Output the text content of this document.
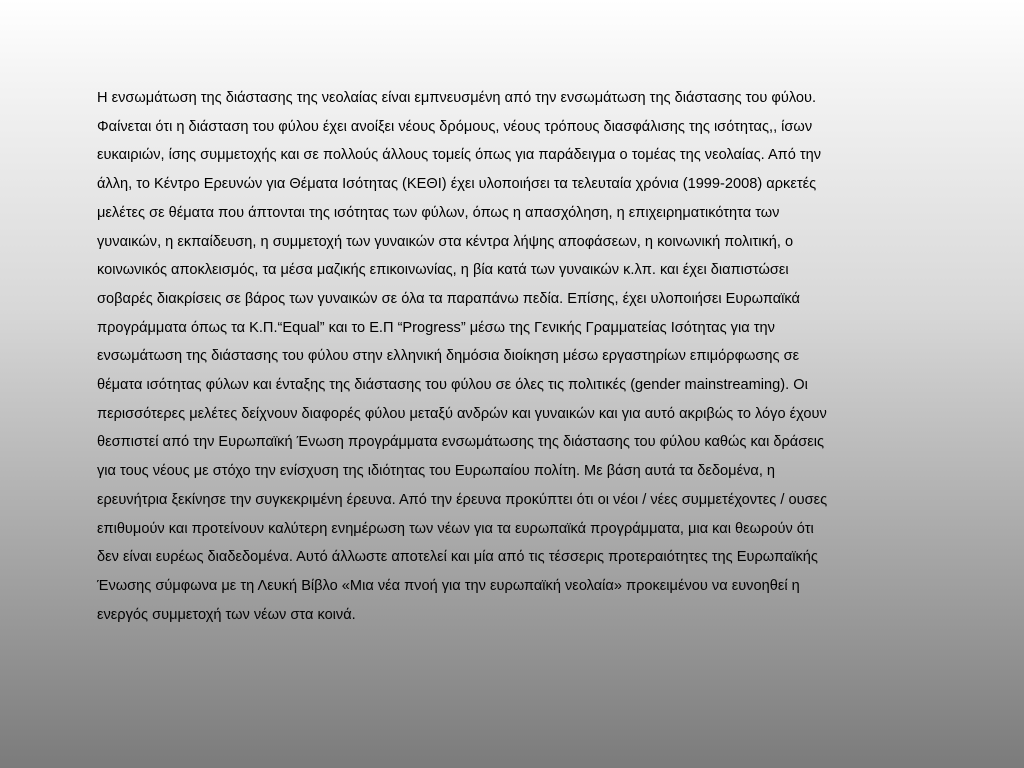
Η ενσωμάτωση της διάστασης της νεολαίας είναι εμπνευσμένη από την ενσωμάτωση της διάστασης του φύλου.
Φαίνεται ότι η διάσταση του φύλου έχει ανοίξει νέους δρόμους, νέους τρόπους διασφάλισης της ισότητας,, ίσων
ευκαιριών, ίσης συμμετοχής και σε πολλούς άλλους τομείς όπως για παράδειγμα ο τομέας της νεολαίας. Από την
άλλη, το Κέντρο Ερευνών για Θέματα Ισότητας (ΚΕΘΙ) έχει υλοποιήσει τα τελευταία χρόνια (1999-2008) αρκετές
μελέτες σε θέματα που άπτονται της ισότητας των φύλων, όπως η απασχόληση, η επιχειρηματικότητα των
γυναικών, η εκπαίδευση, η συμμετοχή των γυναικών στα κέντρα λήψης αποφάσεων, η κοινωνική πολιτική, ο
κοινωνικός αποκλεισμός, τα μέσα μαζικής επικοινωνίας, η βία κατά των γυναικών κ.λπ. και έχει διαπιστώσει
σοβαρές διακρίσεις σε βάρος των γυναικών σε όλα τα παραπάνω πεδία. Επίσης, έχει υλοποιήσει Ευρωπαϊκά
προγράμματα όπως τα Κ.Π.“Equal” και το Ε.Π “Progress” μέσω της Γενικής Γραμματείας Ισότητας για την
ενσωμάτωση της διάστασης του φύλου στην ελληνική δημόσια διοίκηση μέσω εργαστηρίων επιμόρφωσης σε
θέματα ισότητας φύλων και ένταξης της διάστασης του φύλου σε όλες τις πολιτικές (gender mainstreaming). Οι
περισσότερες μελέτες δείχνουν διαφορές φύλου μεταξύ ανδρών και γυναικών και για αυτό ακριβώς το λόγο έχουν
θεσπιστεί από την Ευρωπαϊκή Ένωση προγράμματα ενσωμάτωσης της διάστασης του φύλου καθώς και δράσεις
για τους νέους με στόχο την ενίσχυση της ιδιότητας του Ευρωπαίου πολίτη. Με βάση αυτά τα δεδομένα, η
ερευνήτρια ξεκίνησε την συγκεκριμένη έρευνα. Από την έρευνα προκύπτει ότι οι νέοι / νέες συμμετέχοντες / ουσες
επιθυμούν και προτείνουν καλύτερη ενημέρωση των νέων για τα ευρωπαϊκά προγράμματα, μια και θεωρούν ότι
δεν είναι ευρέως διαδεδομένα. Αυτό άλλωστε αποτελεί και μία από τις τέσσερις προτεραιότητες της Ευρωπαϊκής
Ένωσης σύμφωνα με τη Λευκή Βίβλο «Μια νέα πνοή για την ευρωπαϊκή νεολαία» προκειμένου να ευνοηθεί η
ενεργός συμμετοχή των νέων στα κοινά.
